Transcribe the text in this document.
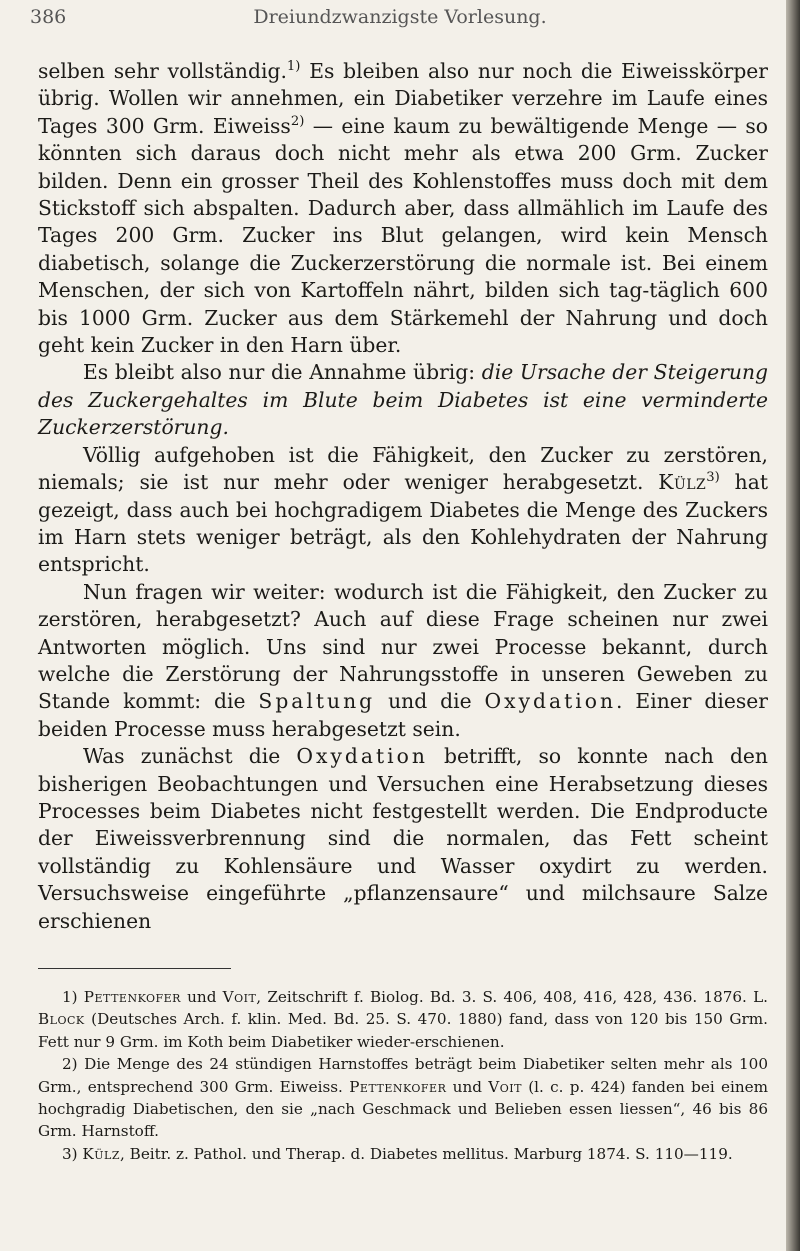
386	Dreiundzwanzigste Vorlesung.

selben sehr vollständig.$^{1)}$ Es bleiben also nur noch die Eiweisskörper übrig. Wollen wir annehmen, ein Diabetiker verzehre im Laufe eines Tages 300 Grm. Eiweiss$^{2)}$ — eine kaum zu bewältigende Menge — so könnten sich daraus doch nicht mehr als etwa 200 Grm. Zucker bilden. Denn ein grosser Theil des Kohlenstoffes muss doch mit dem Stickstoff sich abspalten. Dadurch aber, dass allmählich im Laufe des Tages 200 Grm. Zucker ins Blut gelangen, wird kein Mensch diabetisch, solange die Zuckerzerstörung die normale ist. Bei einem Menschen, der sich von Kartoffeln nährt, bilden sich tag-täglich 600 bis 1000 Grm. Zucker aus dem Stärkemehl der Nahrung und doch geht kein Zucker in den Harn über.

Es bleibt also nur die Annahme übrig: die Ursache der Steigerung des Zuckergehaltes im Blute beim Diabetes ist eine verminderte Zuckerzerstörung.

Völlig aufgehoben ist die Fähigkeit, den Zucker zu zerstören, niemals; sie ist nur mehr oder weniger herabgesetzt. Külz$^{3)}$ hat gezeigt, dass auch bei hochgradigem Diabetes die Menge des Zuckers im Harn stets weniger beträgt, als den Kohlehydraten der Nahrung entspricht.

Nun fragen wir weiter: wodurch ist die Fähigkeit, den Zucker zu zerstören, herabgesetzt? Auch auf diese Frage scheinen nur zwei Antworten möglich. Uns sind nur zwei Processe bekannt, durch welche die Zerstörung der Nahrungsstoffe in unseren Geweben zu Stande kommt: die Spaltung und die Oxydation. Einer dieser beiden Processe muss herabgesetzt sein.

Was zunächst die Oxydation betrifft, so konnte nach den bisherigen Beobachtungen und Versuchen eine Herabsetzung dieses Processes beim Diabetes nicht festgestellt werden. Die Endproducte der Eiweissverbrennung sind die normalen, das Fett scheint vollständig zu Kohlensäure und Wasser oxydirt zu werden. Versuchsweise eingeführte „pflanzensaure“ und milchsaure Salze erschienen

1) Pettenkofer und Voit, Zeitschrift f. Biolog. Bd. 3. S. 406, 408, 416, 428, 436. 1876. L. Block (Deutsches Arch. f. klin. Med. Bd. 25. S. 470. 1880) fand, dass von 120 bis 150 Grm. Fett nur 9 Grm. im Koth beim Diabetiker wieder-erschienen.

2) Die Menge des 24 stündigen Harnstoffes beträgt beim Diabetiker selten mehr als 100 Grm., entsprechend 300 Grm. Eiweiss. Pettenkofer und Voit (l. c. p. 424) fanden bei einem hochgradig Diabetischen, den sie „nach Geschmack und Belieben essen liessen“, 46 bis 86 Grm. Harnstoff.

3) Külz, Beitr. z. Pathol. und Therap. d. Diabetes mellitus. Marburg 1874. S. 110—119.
